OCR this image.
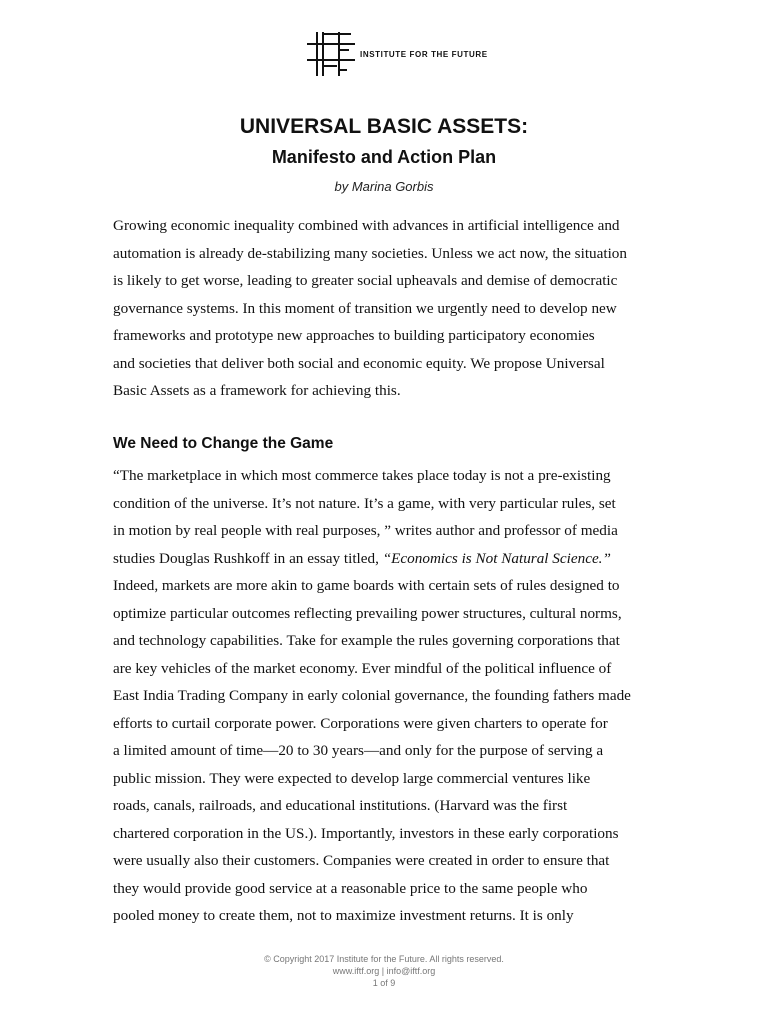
INSTITUTE FOR THE FUTURE
UNIVERSAL BASIC ASSETS:
Manifesto and Action Plan
by Marina Gorbis
Growing economic inequality combined with advances in artificial intelligence and
automation is already de-stabilizing many societies. Unless we act now, the situation
is likely to get worse, leading to greater social upheavals and demise of democratic
governance systems. In this moment of transition we urgently need to develop new
frameworks and prototype new approaches to building participatory economies
and societies that deliver both social and economic equity. We propose Universal
Basic Assets as a framework for achieving this.
We Need to Change the Game
“The marketplace in which most commerce takes place today is not a pre-existing
condition of the universe. It’s not nature. It’s a game, with very particular rules, set
in motion by real people with real purposes, ” writes author and professor of media
studies Douglas Rushkoff in an essay titled, “Economics is Not Natural Science.”
Indeed, markets are more akin to game boards with certain sets of rules designed to
optimize particular outcomes reflecting prevailing power structures, cultural norms,
and technology capabilities. Take for example the rules governing corporations that
are key vehicles of the market economy. Ever mindful of the political influence of
East India Trading Company in early colonial governance, the founding fathers made
efforts to curtail corporate power. Corporations were given charters to operate for
a limited amount of time—20 to 30 years—and only for the purpose of serving a
public mission. They were expected to develop large commercial ventures like
roads, canals, railroads, and educational institutions. (Harvard was the first
chartered corporation in the US.). Importantly, investors in these early corporations
were usually also their customers. Companies were created in order to ensure that
they would provide good service at a reasonable price to the same people who
pooled money to create them, not to maximize investment returns. It is only
© Copyright 2017 Institute for the Future. All rights reserved.
www.iftf.org | info@iftf.org
1 of 9
